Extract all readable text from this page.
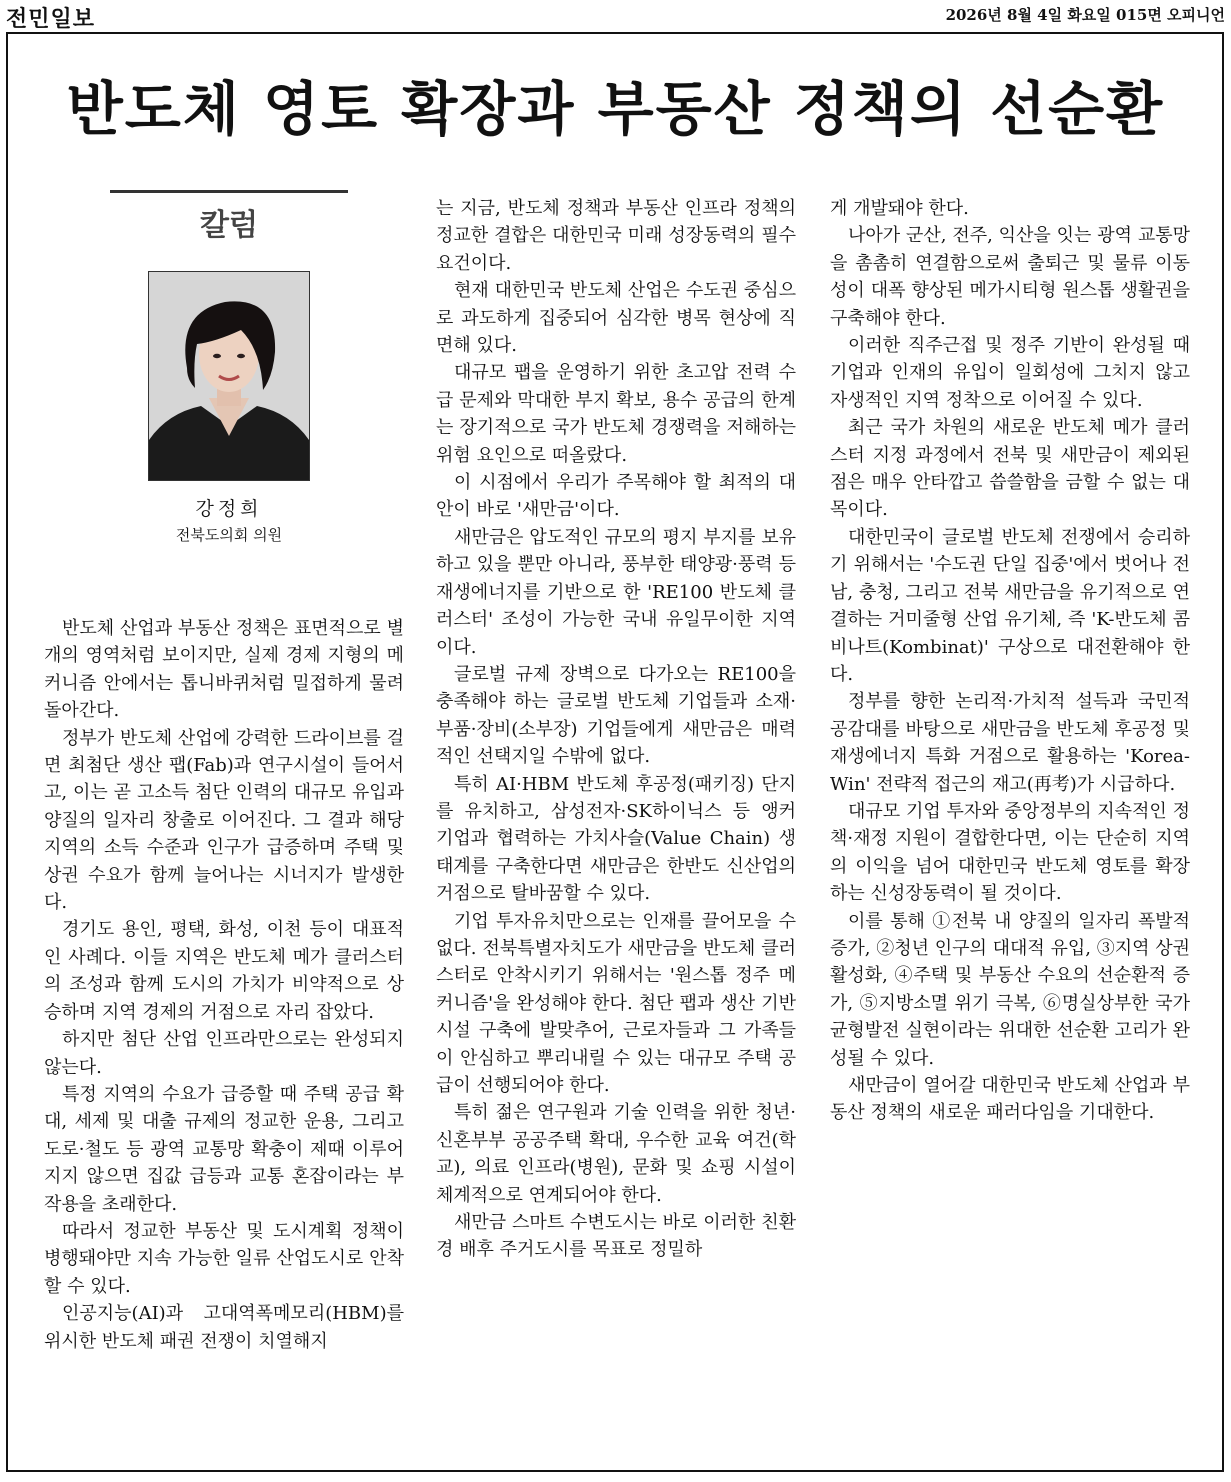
전민일보	2026년 8월 4일 화요일 015면 오피니언
반도체 영토 확장과 부동산 정책의 선순환
칼럼
강정희
전북도의회 의원

반도체 산업과 부동산 정책은 표면적으로 별개의 영역처럼 보이지만, 실제 경제 지형의 메커니즘 안에서는 톱니바퀴처럼 밀접하게 물려 돌아간다.

정부가 반도체 산업에 강력한 드라이브를 걸면 최첨단 생산 팹(Fab)과 연구시설이 들어서고, 이는 곧 고소득 첨단 인력의 대규모 유입과 양질의 일자리 창출로 이어진다. 그 결과 해당 지역의 소득 수준과 인구가 급증하며 주택 및 상권 수요가 함께 늘어나는 시너지가 발생한다.

경기도 용인, 평택, 화성, 이천 등이 대표적인 사례다. 이들 지역은 반도체 메가 클러스터의 조성과 함께 도시의 가치가 비약적으로 상승하며 지역 경제의 거점으로 자리 잡았다.

하지만 첨단 산업 인프라만으로는 완성되지 않는다.

특정 지역의 수요가 급증할 때 주택 공급 확대, 세제 및 대출 규제의 정교한 운용, 그리고 도로·철도 등 광역 교통망 확충이 제때 이루어지지 않으면 집값 급등과 교통 혼잡이라는 부작용을 초래한다.

따라서 정교한 부동산 및 도시계획 정책이 병행돼야만 지속 가능한 일류 산업도시로 안착할 수 있다.

인공지능(AI)과 고대역폭메모리(HBM)를 위시한 반도체 패권 전쟁이 치열해지

는 지금, 반도체 정책과 부동산 인프라 정책의 정교한 결합은 대한민국 미래 성장동력의 필수 요건이다.

현재 대한민국 반도체 산업은 수도권 중심으로 과도하게 집중되어 심각한 병목 현상에 직면해 있다.

대규모 팹을 운영하기 위한 초고압 전력 수급 문제와 막대한 부지 확보, 용수 공급의 한계는 장기적으로 국가 반도체 경쟁력을 저해하는 위험 요인으로 떠올랐다.

이 시점에서 우리가 주목해야 할 최적의 대안이 바로 '새만금'이다.

새만금은 압도적인 규모의 평지 부지를 보유하고 있을 뿐만 아니라, 풍부한 태양광·풍력 등 재생에너지를 기반으로 한 'RE100 반도체 클러스터' 조성이 가능한 국내 유일무이한 지역이다.

글로벌 규제 장벽으로 다가오는 RE100을 충족해야 하는 글로벌 반도체 기업들과 소재·부품·장비(소부장) 기업들에게 새만금은 매력적인 선택지일 수밖에 없다.

특히 AI·HBM 반도체 후공정(패키징) 단지를 유치하고, 삼성전자·SK하이닉스 등 앵커 기업과 협력하는 가치사슬(Value Chain) 생태계를 구축한다면 새만금은 한반도 신산업의 거점으로 탈바꿈할 수 있다.

기업 투자유치만으로는 인재를 끌어모을 수 없다. 전북특별자치도가 새만금을 반도체 클러스터로 안착시키기 위해서는 '원스톱 정주 메커니즘'을 완성해야 한다. 첨단 팹과 생산 기반시설 구축에 발맞추어, 근로자들과 그 가족들이 안심하고 뿌리내릴 수 있는 대규모 주택 공급이 선행되어야 한다.

특히 젊은 연구원과 기술 인력을 위한 청년·신혼부부 공공주택 확대, 우수한 교육 여건(학교), 의료 인프라(병원), 문화 및 쇼핑 시설이 체계적으로 연계되어야 한다.

새만금 스마트 수변도시는 바로 이러한 친환경 배후 주거도시를 목표로 정밀하

게 개발돼야 한다.

나아가 군산, 전주, 익산을 잇는 광역 교통망을 촘촘히 연결함으로써 출퇴근 및 물류 이동성이 대폭 향상된 메가시티형 원스톱 생활권을 구축해야 한다.

이러한 직주근접 및 정주 기반이 완성될 때 기업과 인재의 유입이 일회성에 그치지 않고 자생적인 지역 정착으로 이어질 수 있다.

최근 국가 차원의 새로운 반도체 메가 클러스터 지정 과정에서 전북 및 새만금이 제외된 점은 매우 안타깝고 씁쓸함을 금할 수 없는 대목이다.

대한민국이 글로벌 반도체 전쟁에서 승리하기 위해서는 '수도권 단일 집중'에서 벗어나 전남, 충청, 그리고 전북 새만금을 유기적으로 연결하는 거미줄형 산업 유기체, 즉 'K-반도체 콤비나트(Kombinat)' 구상으로 대전환해야 한다.

정부를 향한 논리적·가치적 설득과 국민적 공감대를 바탕으로 새만금을 반도체 후공정 및 재생에너지 특화 거점으로 활용하는 'Korea-Win' 전략적 접근의 재고(再考)가 시급하다.

대규모 기업 투자와 중앙정부의 지속적인 정책·재정 지원이 결합한다면, 이는 단순히 지역의 이익을 넘어 대한민국 반도체 영토를 확장하는 신성장동력이 될 것이다.

이를 통해 ①전북 내 양질의 일자리 폭발적 증가, ②청년 인구의 대대적 유입, ③지역 상권 활성화, ④주택 및 부동산 수요의 선순환적 증가, ⑤지방소멸 위기 극복, ⑥명실상부한 국가균형발전 실현이라는 위대한 선순환 고리가 완성될 수 있다.

새만금이 열어갈 대한민국 반도체 산업과 부동산 정책의 새로운 패러다임을 기대한다.
